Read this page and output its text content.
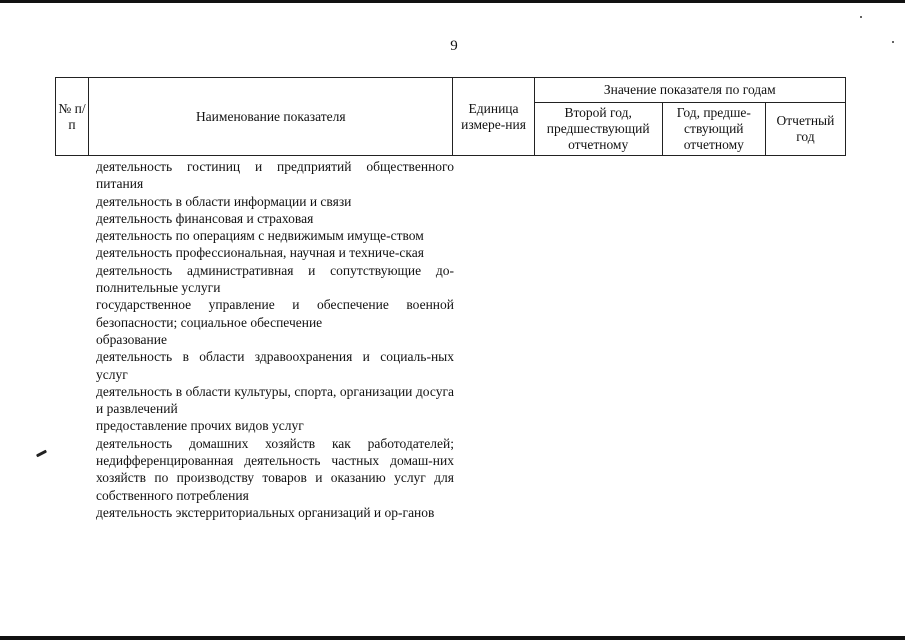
9
№ п/п	Наименование показателя	Единица измере-ния	Значение показателя по годам		
			Второй год, предшествующий отчетному	Год, предше-ствующий отчетному	Отчетный год
деятельность гостиниц и предприятий общественного питания
деятельность в области информации и связи
деятельность финансовая и страховая
деятельность по операциям с недвижимым имуще-ством
деятельность профессиональная, научная и техниче-ская
деятельность административная и сопутствующие до-полнительные услуги
государственное управление и обеспечение военной безопасности; социальное обеспечение
образование
деятельность в области здравоохранения и социаль-ных услуг
деятельность в области культуры, спорта, организации досуга и развлечений
предоставление прочих видов услуг
деятельность домашних хозяйств как работодателей; недифференцированная деятельность частных домаш-них хозяйств по производству товаров и оказанию услуг для собственного потребления
деятельность экстерриториальных организаций и ор-ганов
